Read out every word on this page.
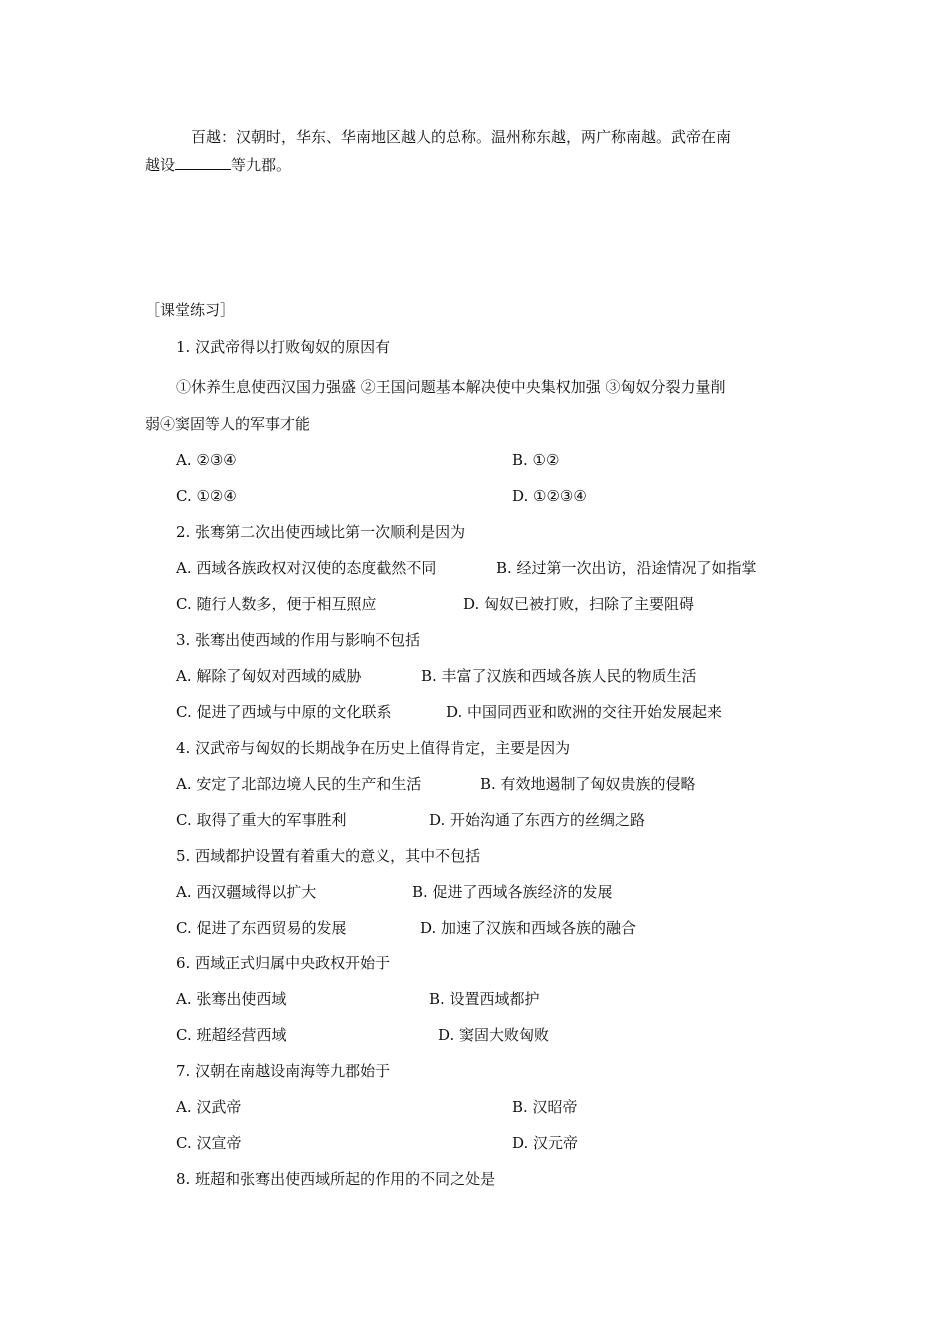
百越：汉朝时，华东、华南地区越人的总称。温州称东越，两广称南越。武帝在南
越设	等九郡。
［课堂练习］
1. 汉武帝得以打败匈奴的原因有
①休养生息使西汉国力强盛 ②王国问题基本解决使中央集权加强 ③匈奴分裂力量削
弱④窦固等人的军事才能
A. ②③④	B. ①②
C. ①②④	D. ①②③④
2. 张骞第二次出使西域比第一次顺利是因为
A. 西域各族政权对汉使的态度截然不同	B. 经过第一次出访，沿途情况了如指掌
C. 随行人数多，便于相互照应	D. 匈奴已被打败，扫除了主要阻碍
3. 张骞出使西域的作用与影响不包括
A. 解除了匈奴对西域的威胁	B. 丰富了汉族和西域各族人民的物质生活
C. 促进了西域与中原的文化联系	D. 中国同西亚和欧洲的交往开始发展起来
4. 汉武帝与匈奴的长期战争在历史上值得肯定，主要是因为
A. 安定了北部边境人民的生产和生活	B. 有效地遏制了匈奴贵族的侵略
C. 取得了重大的军事胜利	D. 开始沟通了东西方的丝绸之路
5. 西域都护设置有着重大的意义，其中不包括
A. 西汉疆域得以扩大	B. 促进了西域各族经济的发展
C. 促进了东西贸易的发展	D. 加速了汉族和西域各族的融合
6. 西域正式归属中央政权开始于
A. 张骞出使西域	B. 设置西域都护
C. 班超经营西域	D. 窦固大败匈败
7. 汉朝在南越设南海等九郡始于
A. 汉武帝	B. 汉昭帝
C. 汉宣帝	D. 汉元帝
8. 班超和张骞出使西域所起的作用的不同之处是
